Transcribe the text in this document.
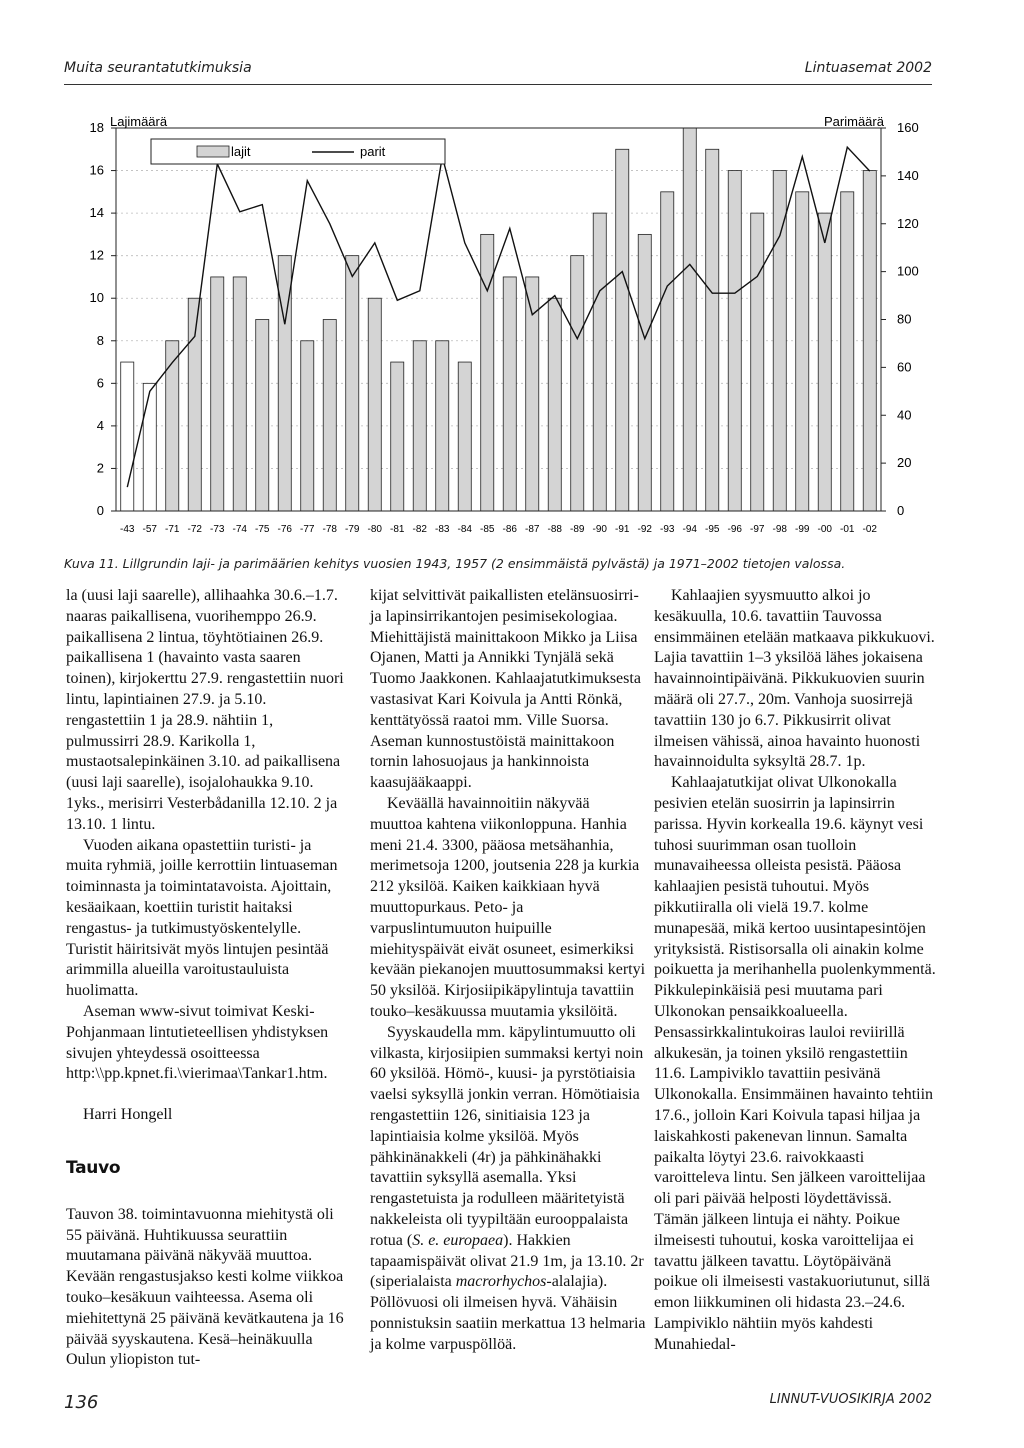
Muita seurantatutkimuksia	Lintuasemat 2002
0
2
4
6
8
10
12
14
16
18
0
20
40
60
80
100
120
140
160
-43 -57 -71 -72 -73 -74 -75 -76 -77 -78 -79 -80 -81 -82 -83 -84 -85 -86 -87 -88 -89 -90 -91 -92 -93 -94 -95 -96 -97 -98 -99 -00 -01 -02
Lajimäärä	Parimäärä
lajit	parit
Kuva 11. Lillgrundin laji- ja parimäärien kehitys vuosien 1943, 1957 (2 ensimmäistä pylvästä) ja 1971–2002 tietojen valossa.

la (uusi laji saarelle), allihaahka 30.6.–1.7. naaras paikallisena, vuorihemppo 26.9. paikallisena 2 lintua, töyhtötiainen 26.9. paikallisena 1 (havainto vasta saaren toinen), kirjokerttu 27.9. rengastettiin nuori lintu, lapintiainen 27.9. ja 5.10. rengastettiin 1 ja 28.9. nähtiin 1, pulmussirri 28.9. Karikolla 1, mustaotsalepinkäinen 3.10. ad paikallisena (uusi laji saarelle), isojalohaukka 9.10. 1yks., merisirri Vesterbådanilla 12.10. 2 ja 13.10. 1 lintu.

Vuoden aikana opastettiin turisti- ja muita ryhmiä, joille kerrottiin lintuaseman toiminnasta ja toimintatavoista. Ajoittain, kesäaikaan, koettiin turistit haitaksi rengastus- ja tutkimustyöskentelylle. Turistit häiritsivät myös lintujen pesintää arimmilla alueilla varoitustauluista huolimatta.

Aseman www-sivut toimivat Keski-Pohjanmaan lintutieteellisen yhdistyksen sivujen yhteydessä osoitteessa http:\\pp.kpnet.fi.\vierimaa\Tankar1.htm.

Harri Hongell

Tauvo

Tauvon 38. toimintavuonna miehitystä oli 55 päivänä. Huhtikuussa seurattiin muutamana päivänä näkyvää muuttoa. Kevään rengastusjakso kesti kolme viikkoa touko–kesäkuun vaihteessa. Asema oli miehitettynä 25 päivänä kevätkautena ja 16 päivää syyskautena. Kesä–heinäkuulla Oulun yliopiston tut-

kijat selvittivät paikallisten etelänsuosirri- ja lapinsirrikantojen pesimisekologiaa. Miehittäjistä mainittakoon Mikko ja Liisa Ojanen, Matti ja Annikki Tynjälä sekä Tuomo Jaakkonen. Kahlaajatutkimuksesta vastasivat Kari Koivula ja Antti Rönkä, kenttätyössä raatoi mm. Ville Suorsa. Aseman kunnostustöistä mainittakoon tornin lahosuojaus ja hankinnoista kaasujääkaappi.

Keväällä havainnoitiin näkyvää muuttoa kahtena viikonloppuna. Hanhia meni 21.4. 3300, pääosa metsähanhia, merimetsoja 1200, joutsenia 228 ja kurkia 212 yksilöä. Kaiken kaikkiaan hyvä muuttopurkaus. Peto- ja varpuslintumuuton huipuille miehityspäivät eivät osuneet, esimerkiksi kevään piekanojen muuttosummaksi kertyi 50 yksilöä. Kirjosiipikäpylintuja tavattiin touko–kesäkuussa muutamia yksilöitä.

Syyskaudella mm. käpylintumuutto oli vilkasta, kirjosiipien summaksi kertyi noin 60 yksilöä. Hömö-, kuusi- ja pyrstötiaisia vaelsi syksyllä jonkin verran. Hömötiaisia rengastettiin 126, sinitiaisia 123 ja lapintiaisia kolme yksilöä. Myös pähkinänakkeli (4r) ja pähkinähakki tavattiin syksyllä asemalla. Yksi rengastetuista ja rodulleen määritetyistä nakkeleista oli tyypiltään eurooppalaista rotua (S. e. europaea). Hakkien tapaamispäivät olivat 21.9 1m, ja 13.10. 2r (siperialaista macrorhychos-alalajia). Pöllövuosi oli ilmeisen hyvä. Vähäisin ponnistuksin saatiin merkattua 13 helmaria ja kolme varpuspöllöä.

Kahlaajien syysmuutto alkoi jo kesäkuulla, 10.6. tavattiin Tauvossa ensimmäinen etelään matkaava pikkukuovi. Lajia tavattiin 1–3 yksilöä lähes jokaisena havainnointipäivänä. Pikkukuovien suurin määrä oli 27.7., 20m. Vanhoja suosirrejä tavattiin 130 jo 6.7. Pikkusirrit olivat ilmeisen vähissä, ainoa havainto huonosti havainnoidulta syksyltä 28.7. 1p.

Kahlaajatutkijat olivat Ulkonokalla pesivien etelän suosirrin ja lapinsirrin parissa. Hyvin korkealla 19.6. käynyt vesi tuhosi suurimman osan tuolloin munavaiheessa olleista pesistä. Pääosa kahlaajien pesistä tuhoutui. Myös pikkutiiralla oli vielä 19.7. kolme munapesää, mikä kertoo uusintapesintöjen yrityksistä. Ristisorsalla oli ainakin kolme poikuetta ja merihanhella puolenkymmentä. Pikkulepinkäisiä pesi muutama pari Ulkonokan pensaikkoalueella. Pensassirkkalintukoiras lauloi reviirillä alkukesän, ja toinen yksilö rengastettiin 11.6. Lampiviklo tavattiin pesivänä Ulkonokalla. Ensimmäinen havainto tehtiin 17.6., jolloin Kari Koivula tapasi hiljaa ja laiskahkosti pakenevan linnun. Samalta paikalta löytyi 23.6. raivokkaasti varoitteleva lintu. Sen jälkeen varoittelijaa oli pari päivää helposti löydettävissä. Tämän jälkeen lintuja ei nähty. Poikue ilmeisesti tuhoutui, koska varoittelijaa ei tavattu jälkeen tavattu. Löytöpäivänä poikue oli ilmeisesti vastakuoriutunut, sillä emon liikkuminen oli hidasta 23.–24.6. Lampiviklo nähtiin myös kahdesti Munahiedal-

136	LINNUT-VUOSIKIRJA 2002
